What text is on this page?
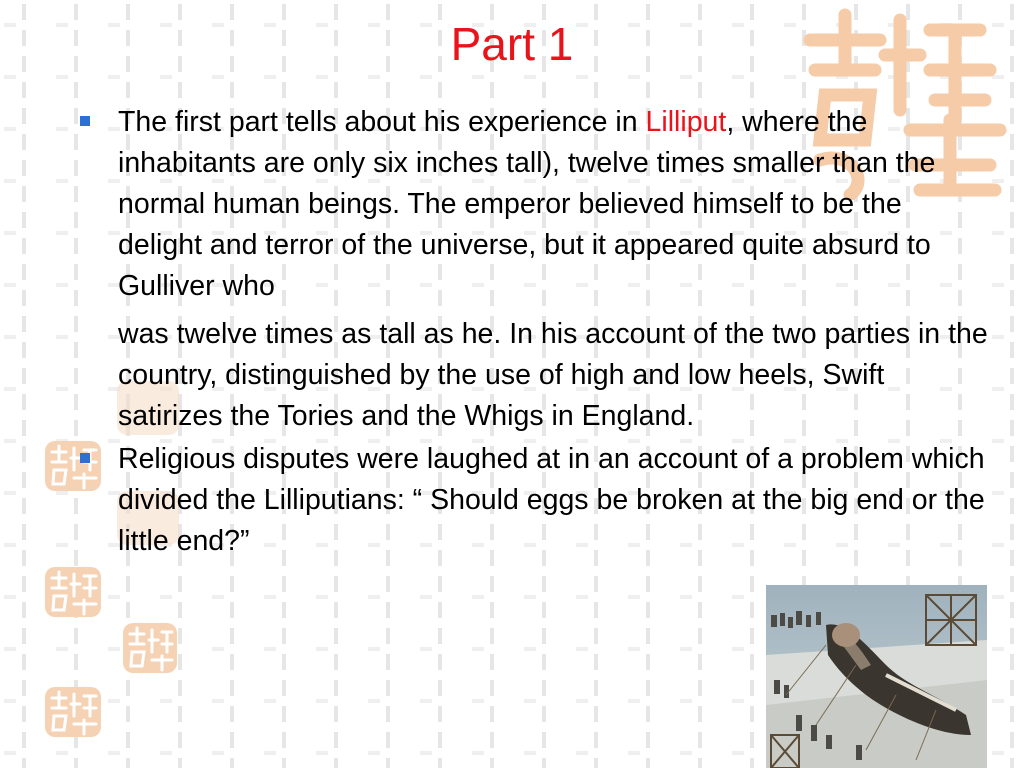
Part 1

The first part tells about his experience in Lilliput, where the inhabitants are only six inches tall), twelve times smaller than the normal human beings. The emperor believed himself to be the delight and terror of the universe, but it appeared quite absurd to Gulliver who

was twelve times as tall as he. In his account of the two parties in the country, distinguished by the use of high and low heels, Swift satirizes the Tories and the Whigs in England.

Religious disputes were laughed at in an account of a problem which divided the Lilliputians: “ Should eggs be broken at the big end or the little end?”
